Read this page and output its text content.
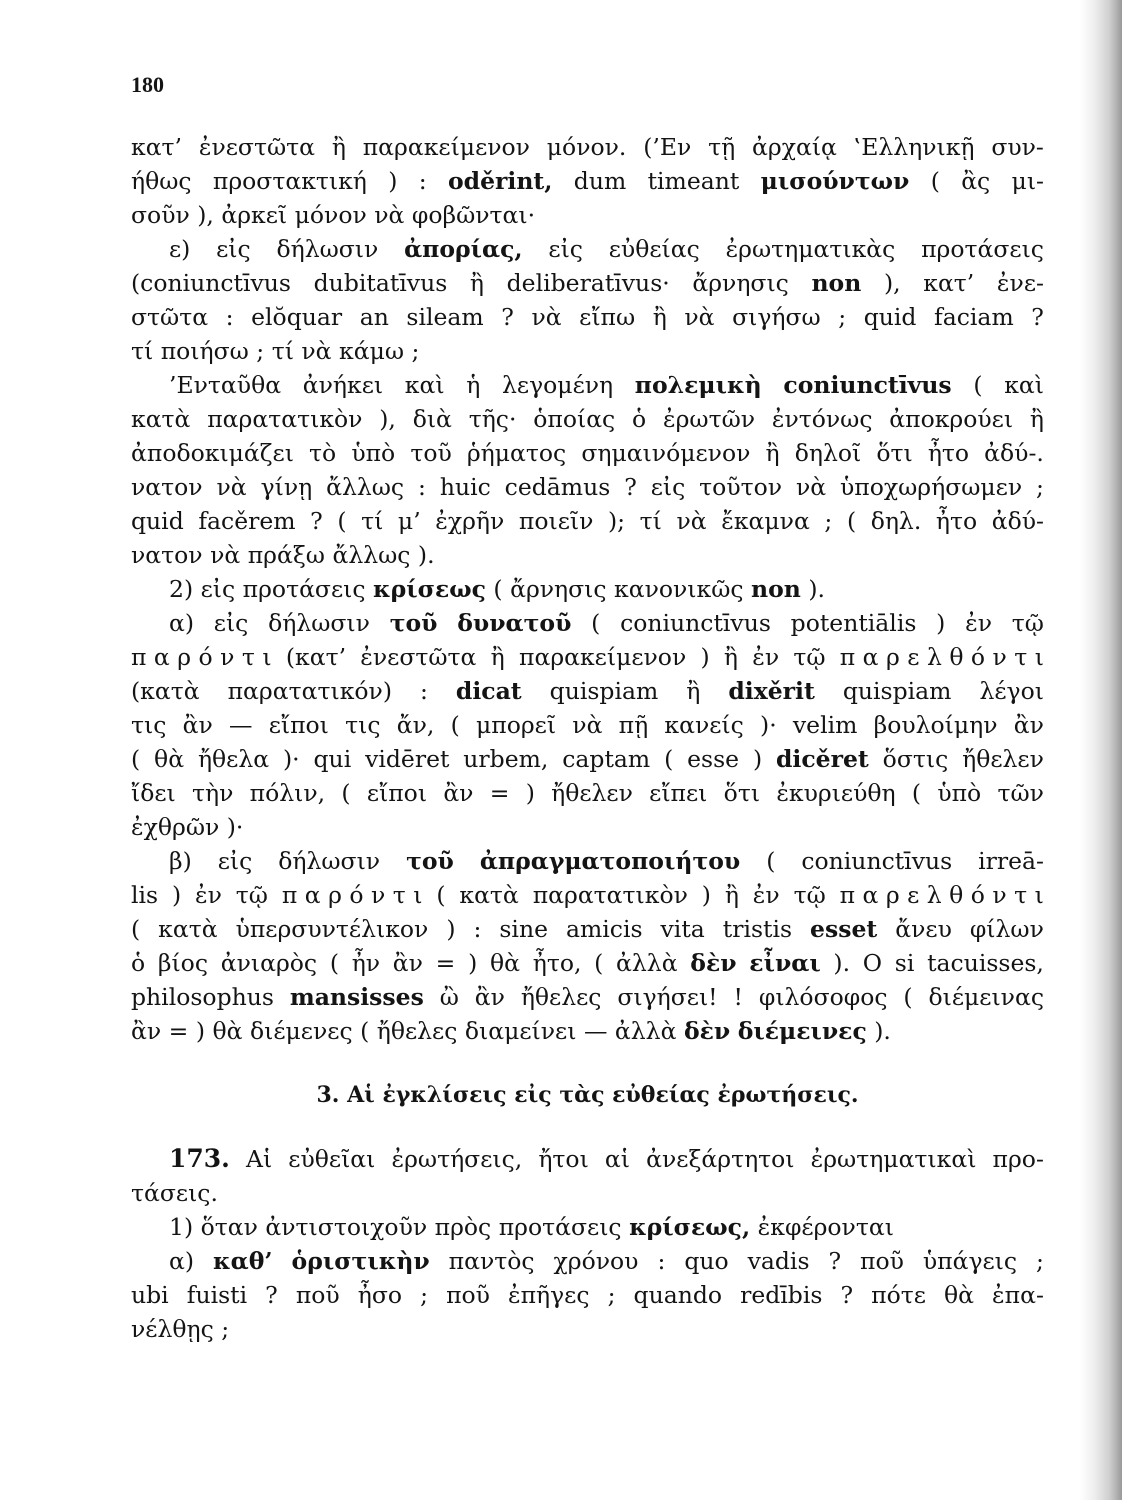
180
κατ’ ἐνεστῶτα ἢ παρακείμενον μόνον. (’Εν τῇ ἀρχαίᾳ ‛Ελληνικῇ συν-
ήθως προστακτική ) : oděrint, dum timeant μισούντων ( ἂς μι-
σοῦν ), ἀρκεῖ μόνον νὰ φοβῶνται·
ε) εἰς δήλωσιν ἀπορίας, εἰς εὐθείας ἐρωτηματικὰς προτάσεις
(coniunctīvus dubitatīvus ἢ deliberatīvus· ἄρνησις non ), κατ’ ἐνε-
στῶτα : elŏquar an sileam ? νὰ εἴπω ἢ νὰ σιγήσω ; quid faciam ?
τί ποιήσω ; τί νὰ κάμω ;
’Ενταῦθα ἀνήκει καὶ ἡ λεγομένη πολεμικὴ coniunctīvus ( καὶ
κατὰ παρατατικὸν ), διὰ τῆς· ὁποίας ὁ ἐρωτῶν ἐντόνως ἀποκρούει ἢ
ἀποδοκιμάζει τὸ ὑπὸ τοῦ ῥήματος σημαινόμενον ἢ δηλοῖ ὅτι ἦτο ἀδύ-.
νατον νὰ γίνῃ ἄλλως : huic cedāmus ? εἰς τοῦτον νὰ ὑποχωρήσωμεν ;
quid facěrem ? ( τί μ’ ἐχρῆν ποιεῖν ); τί νὰ ἔκαμνα ; ( δηλ. ἦτο ἀδύ-
νατον νὰ πράξω ἄλλως ).
2) εἰς προτάσεις κρίσεως ( ἄρνησις κανονικῶς non ).
α) εἰς δήλωσιν τοῦ δυνατοῦ ( coniunctīvus potentiālis ) ἐν τῷ
π α ρ ό ν τ ι (κατ’ ἐνεστῶτα ἢ παρακείμενον ) ἢ ἐν τῷ π α ρ ε λ θ ό ν τ ι
(κατὰ παρατατικόν) : dicat quispiam ἢ dixěrit quispiam λέγοι
τις ἂν — εἴποι τις ἄν, ( μπορεῖ νὰ πῇ κανείς )· velim βουλοίμην ἂν
( θὰ ἤθελα )· qui vidēret urbem, captam ( esse ) dicěret ὅστις ἤθελεν
ἴδει τὴν πόλιν, ( εἴποι ἂν = ) ἤθελεν εἴπει ὅτι ἐκυριεύθη ( ὑπὸ τῶν
ἐχθρῶν )·
β) εἰς δήλωσιν τοῦ ἀπραγματοποιήτου ( coniunctīvus irreā-
lis ) ἐν τῷ π α ρ ό ν τ ι ( κατὰ παρατατικὸν ) ἢ ἐν τῷ π α ρ ε λ θ ό ν τ ι
( κατὰ ὑπερσυντέλικον ) : sine amicis vita tristis esset ἄνευ φίλων
ὁ βίος ἀνιαρὸς ( ἦν ἂν = ) θὰ ἦτο, ( ἀλλὰ δὲν εἶναι ). O si tacuisses,
philosophus mansisses ὢ ἂν ἤθελες σιγήσει! ! φιλόσοφος ( διέμεινας
ἂν = ) θὰ διέμενες ( ἤθελες διαμείνει — ἀλλὰ δὲν διέμεινες ).
3. Αἱ ἐγκλίσεις εἰς τὰς εὐθείας ἐρωτήσεις.
173. Αἱ εὐθεῖαι ἐρωτήσεις, ἤτοι αἱ ἀνεξάρτητοι ἐρωτηματικαὶ προ-
τάσεις.
1) ὅταν ἀντιστοιχοῦν πρὸς προτάσεις κρίσεως, ἐκφέρονται
α) καθ’ ὁριστικὴν παντὸς χρόνου : quo vadis ? ποῦ ὑπάγεις ;
ubi fuisti ? ποῦ ἦσο ; ποῦ ἐπῆγες ; quando redībis ? πότε θὰ ἐπα-
νέλθῃς ;
